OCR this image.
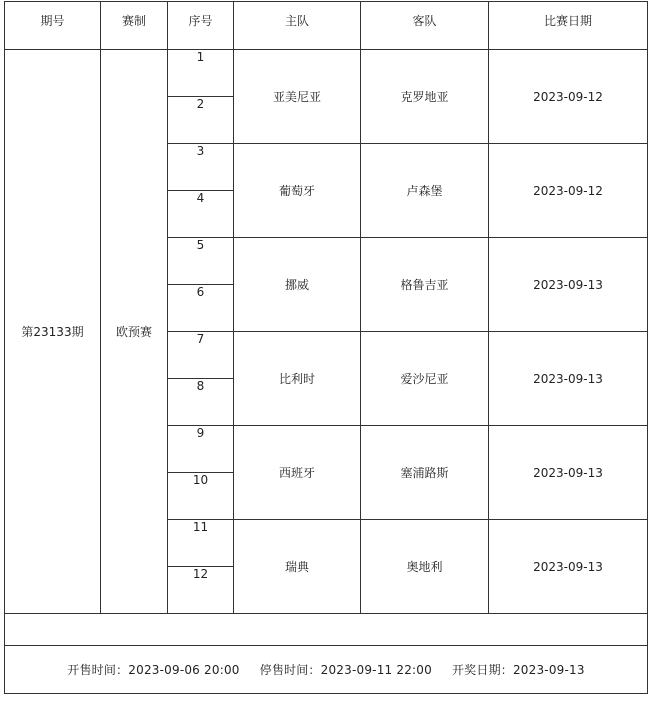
期号	赛制	序号	主队	客队	比赛日期
第23133期	欧预赛	1	亚美尼亚	克罗地亚	2023-09-12
		2			
		3	葡萄牙	卢森堡	2023-09-12
		4			
		5	挪威	格鲁吉亚	2023-09-13
		6			
		7	比利时	爱沙尼亚	2023-09-13
		8			
		9	西班牙	塞浦路斯	2023-09-13
		10			
		11	瑞典	奥地利	2023-09-13
		12			

开售时间：2023-09-06 20:00 停售时间：2023-09-11 22:00 开奖日期：2023-09-13					
